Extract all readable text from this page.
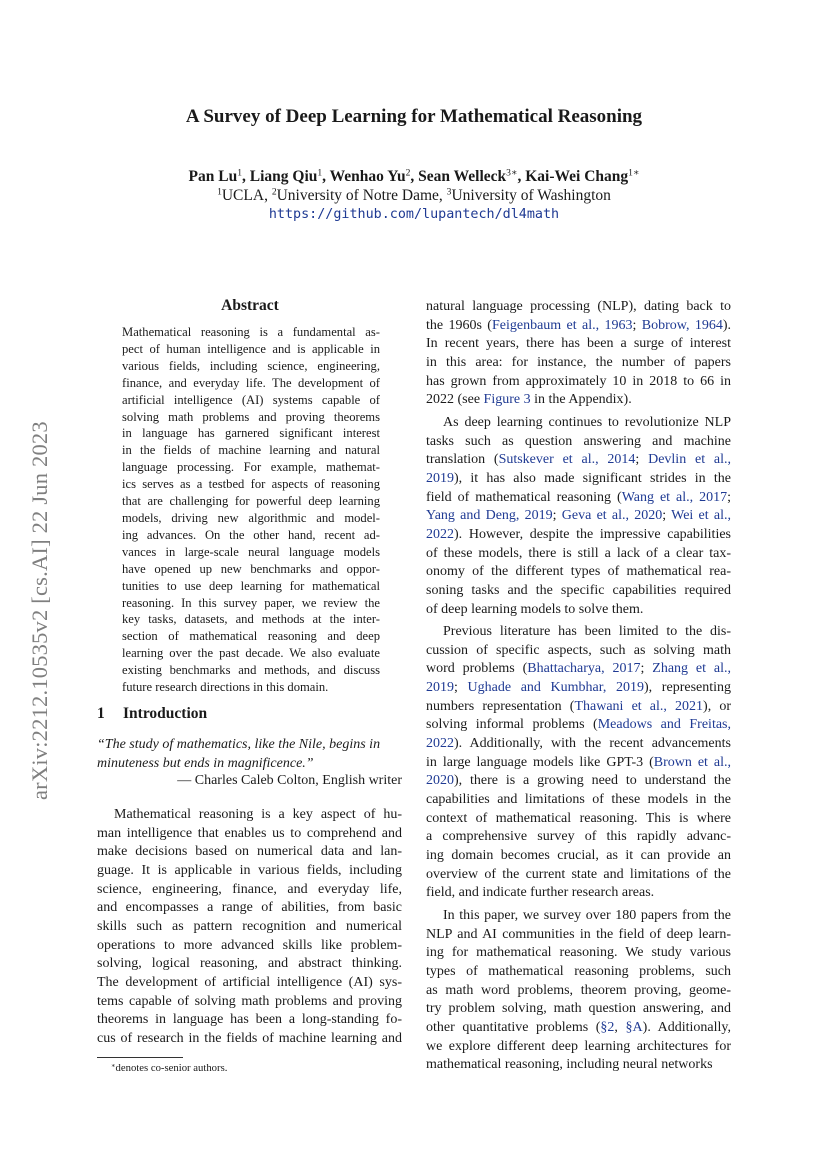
arXiv:2212.10535v2 [cs.AI] 22 Jun 2023
A Survey of Deep Learning for Mathematical Reasoning
Pan Lu$^1$, Liang Qiu$^1$, Wenhao Yu$^2$, Sean Welleck$^{3∗}$, Kai-Wei Chang$^{1∗}$
$^1$UCLA, $^2$University of Notre Dame, $^3$University of Washington
https://github.com/lupantech/dl4math
Abstract
Mathematical reasoning is a fundamental as-
pect of human intelligence and is applicable in
various fields, including science, engineering,
finance, and everyday life. The development of
artificial intelligence (AI) systems capable of
solving math problems and proving theorems
in language has garnered significant interest
in the fields of machine learning and natural
language processing. For example, mathemat-
ics serves as a testbed for aspects of reasoning
that are challenging for powerful deep learning
models, driving new algorithmic and model-
ing advances. On the other hand, recent ad-
vances in large-scale neural language models
have opened up new benchmarks and oppor-
tunities to use deep learning for mathematical
reasoning. In this survey paper, we review the
key tasks, datasets, and methods at the inter-
section of mathematical reasoning and deep
learning over the past decade. We also evaluate
existing benchmarks and methods, and discuss
future research directions in this domain.
1 Introduction
“The study of mathematics, like the Nile, begins in
minuteness but ends in magnificence.”
— Charles Caleb Colton, English writer
Mathematical reasoning is a key aspect of hu-
man intelligence that enables us to comprehend and
make decisions based on numerical data and lan-
guage. It is applicable in various fields, including
science, engineering, finance, and everyday life,
and encompasses a range of abilities, from basic
skills such as pattern recognition and numerical
operations to more advanced skills like problem-
solving, logical reasoning, and abstract thinking.
The development of artificial intelligence (AI) sys-
tems capable of solving math problems and proving
theorems in language has been a long-standing fo-
cus of research in the fields of machine learning and
natural language processing (NLP), dating back to
the 1960s (Feigenbaum et al., 1963; Bobrow, 1964).
In recent years, there has been a surge of interest
in this area: for instance, the number of papers
has grown from approximately 10 in 2018 to 66 in
2022 (see Figure 3 in the Appendix).
As deep learning continues to revolutionize NLP
tasks such as question answering and machine
translation (Sutskever et al., 2014; Devlin et al.,
2019), it has also made significant strides in the
field of mathematical reasoning (Wang et al., 2017;
Yang and Deng, 2019; Geva et al., 2020; Wei et al.,
2022). However, despite the impressive capabilities
of these models, there is still a lack of a clear tax-
onomy of the different types of mathematical rea-
soning tasks and the specific capabilities required
of deep learning models to solve them.
Previous literature has been limited to the dis-
cussion of specific aspects, such as solving math
word problems (Bhattacharya, 2017; Zhang et al.,
2019; Ughade and Kumbhar, 2019), representing
numbers representation (Thawani et al., 2021), or
solving informal problems (Meadows and Freitas,
2022). Additionally, with the recent advancements
in large language models like GPT-3 (Brown et al.,
2020), there is a growing need to understand the
capabilities and limitations of these models in the
context of mathematical reasoning. This is where
a comprehensive survey of this rapidly advanc-
ing domain becomes crucial, as it can provide an
overview of the current state and limitations of the
field, and indicate further research areas.
In this paper, we survey over 180 papers from the
NLP and AI communities in the field of deep learn-
ing for mathematical reasoning. We study various
types of mathematical reasoning problems, such
as math word problems, theorem proving, geome-
try problem solving, math question answering, and
other quantitative problems (§2, §A). Additionally,
we explore different deep learning architectures for
mathematical reasoning, including neural networks
∗denotes co-senior authors.
